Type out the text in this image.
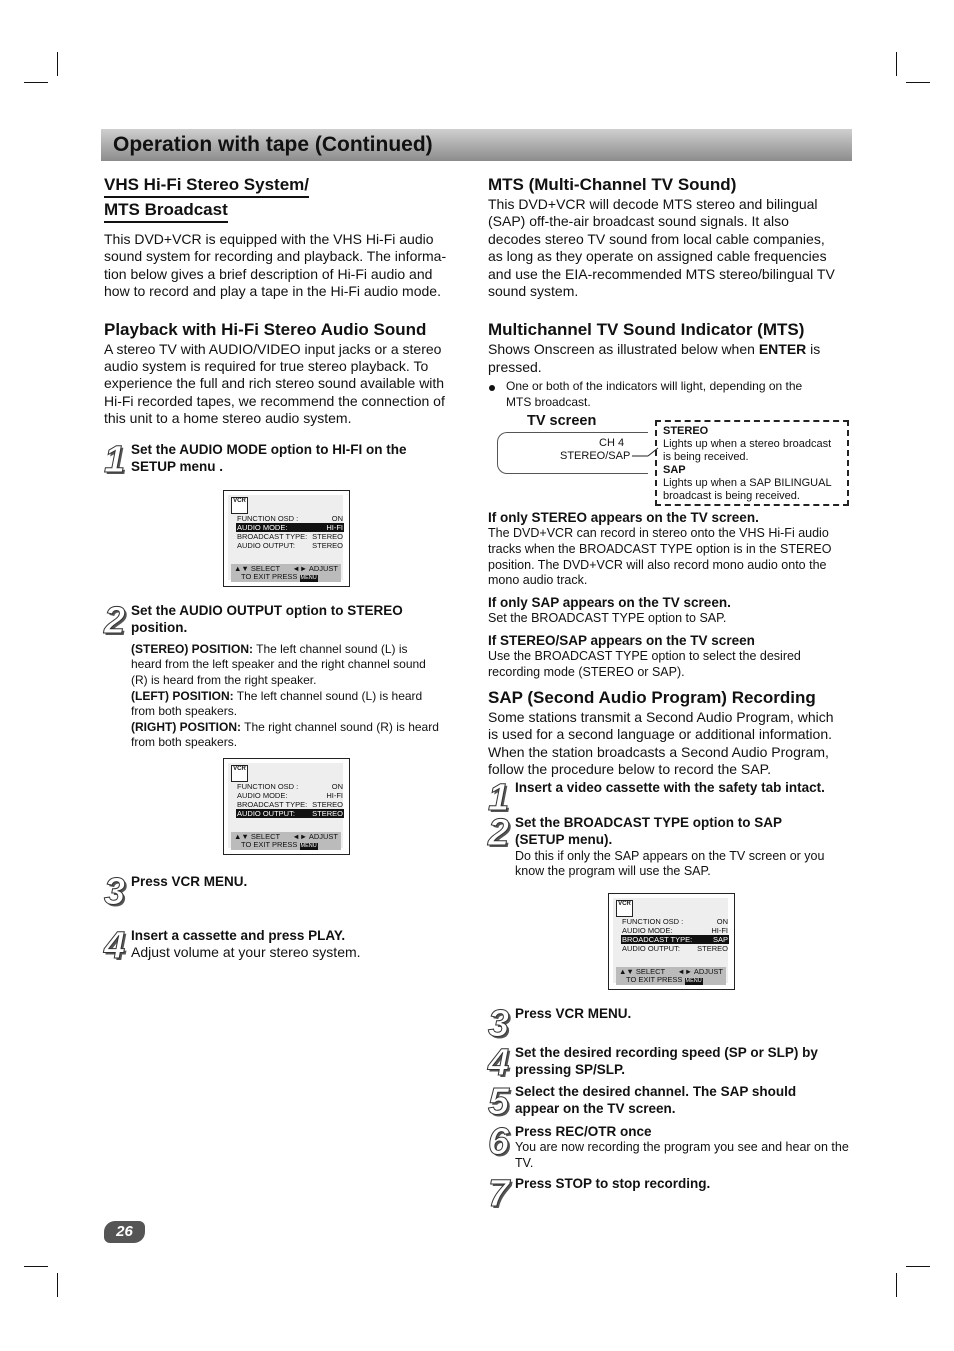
Operation with tape (Continued)
VHS Hi-Fi Stereo System/
MTS Broadcast

This DVD+VCR is equipped with the VHS Hi-Fi audio
sound system for recording and playback. The informa-
tion below gives a brief description of Hi-Fi audio and
how to record and play a tape in the Hi-Fi audio mode.

Playback with Hi-Fi Stereo Audio Sound

A stereo TV with AUDIO/VIDEO input jacks or a stereo
audio system is required for true stereo playback. To
experience the full and rich stereo sound available with
Hi-Fi recorded tapes, we recommend the connection of
this unit to a home stereo audio system.

1 Set the AUDIO MODE option to HI-FI on the
SETUP menu .

VCR
FUNCTION OSD :	ON
AUDIO MODE:	HI-FI
BROADCAST TYPE: STEREO
AUDIO OUTPUT: STEREO
▲▼ SELECT ◄► ADJUST
TO EXIT PRESS MENU
2 Set the AUDIO OUTPUT option to STEREO
position.

(STEREO) POSITION: The left channel sound (L) is
heard from the left speaker and the right channel sound
(R) is heard from the right speaker.

(LEFT) POSITION: The left channel sound (L) is heard
from both speakers.

(RIGHT) POSITION: The right channel sound (R) is heard
from both speakers.

VCR
FUNCTION OSD :	ON
AUDIO MODE:	HI-FI
BROADCAST TYPE: STEREO
AUDIO OUTPUT: STEREO
▲▼ SELECT ◄► ADJUST
TO EXIT PRESS MENU
3 Press VCR MENU.

4 Insert a cassette and press PLAY.

Adjust volume at your stereo system.

MTS (Multi-Channel TV Sound)

This DVD+VCR will decode MTS stereo and bilingual
(SAP) off-the-air broadcast sound signals. It also
decodes stereo TV sound from local cable companies,
as long as they operate on assigned cable frequencies
and use the EIA-recommended MTS stereo/bilingual TV
sound system.

Multichannel TV Sound Indicator (MTS)

Shows Onscreen as illustrated below when ENTER is
pressed.

One or both of the indicators will light, depending on the
MTS broadcast.

TV screen
CH 4
STEREO/SAP
STEREO
Lights up when a stereo broadcast
is being received.
SAP
Lights up when a SAP BILINGUAL
broadcast is being received.

If only STEREO appears on the TV screen.

The DVD+VCR can record in stereo onto the VHS Hi-Fi audio
tracks when the BROADCAST TYPE option is in the STEREO
position. The DVD+VCR will also record mono audio onto the
mono audio track.

If only SAP appears on the TV screen.

Set the BROADCAST TYPE option to SAP.

If STEREO/SAP appears on the TV screen

Use the BROADCAST TYPE option to select the desired
recording mode (STEREO or SAP).

SAP (Second Audio Program) Recording

Some stations transmit a Second Audio Program, which
is used for a second language or additional information.
When the station broadcasts a Second Audio Program,
follow the procedure below to record the SAP.

1 Insert a video cassette with the safety tab intact.

2 Set the BROADCAST TYPE option to SAP
(SETUP menu).

Do this if only the SAP appears on the TV screen or you
know the program will use the SAP.

VCR
FUNCTION OSD :	ON
AUDIO MODE:	HI-FI
BROADCAST TYPE:	SAP
AUDIO OUTPUT: STEREO
▲▼ SELECT ◄► ADJUST
TO EXIT PRESS MENU
3 Press VCR MENU.

4 Set the desired recording speed (SP or SLP) by
pressing SP/SLP.

5 Select the desired channel. The SAP should
appear on the TV screen.

6 Press REC/OTR once

You are now recording the program you see and hear on the
TV.

7 Press STOP to stop recording.

26
